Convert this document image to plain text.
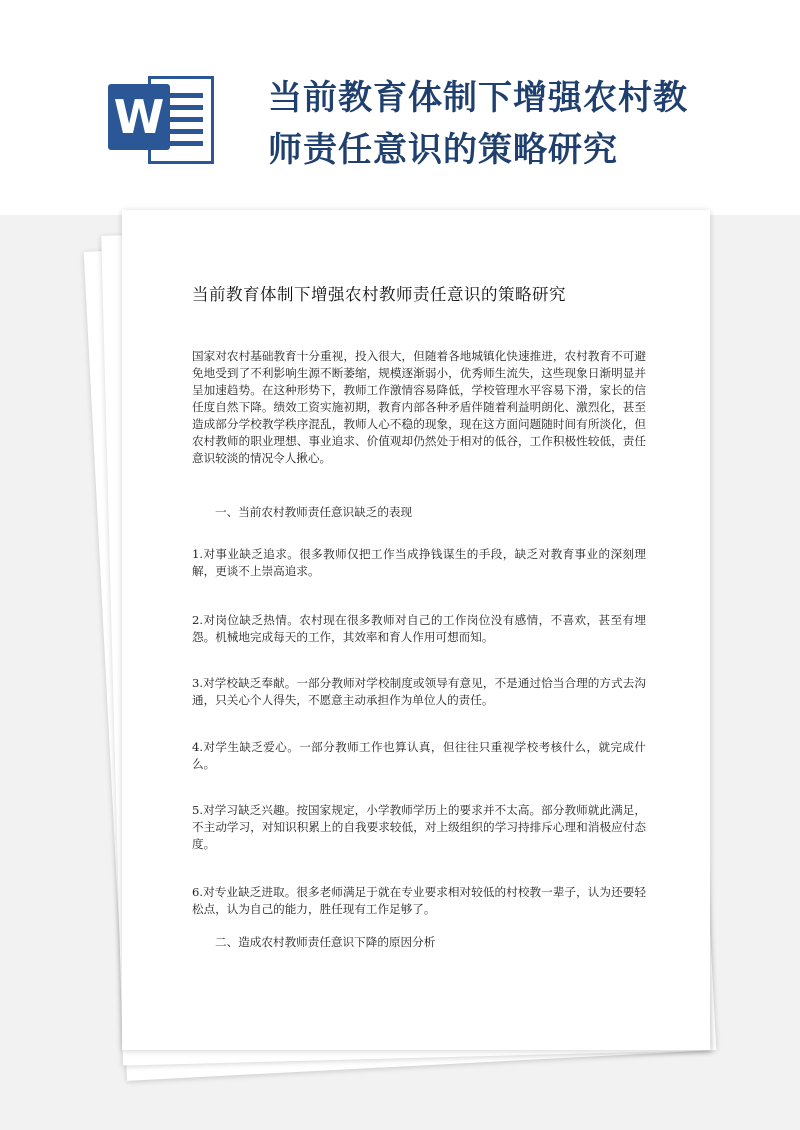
W	当前教育体制下增强农村教师责任意识的策略研究
当前教育体制下增强农村教师责任意识的策略研究
国家对农村基础教育十分重视，投入很大，但随着各地城镇化快速推进，农村教育不可避免地受到了不利影响生源不断萎缩，规模逐渐弱小，优秀师生流失，这些现象日渐明显并呈加速趋势。在这种形势下，教师工作激情容易降低，学校管理水平容易下滑，家长的信任度自然下降。绩效工资实施初期，教育内部各种矛盾伴随着利益明朗化、激烈化，甚至造成部分学校教学秩序混乱，教师人心不稳的现象，现在这方面问题随时间有所淡化，但农村教师的职业理想、事业追求、价值观却仍然处于相对的低谷，工作积极性较低，责任意识较淡的情况令人揪心。
一、当前农村教师责任意识缺乏的表现
1.对事业缺乏追求。很多教师仅把工作当成挣钱谋生的手段，缺乏对教育事业的深刻理解，更谈不上崇高追求。
2.对岗位缺乏热情。农村现在很多教师对自己的工作岗位没有感情，不喜欢，甚至有埋怨。机械地完成每天的工作，其效率和育人作用可想而知。
3.对学校缺乏奉献。一部分教师对学校制度或领导有意见，不是通过恰当合理的方式去沟通，只关心个人得失，不愿意主动承担作为单位人的责任。
4.对学生缺乏爱心。一部分教师工作也算认真，但往往只重视学校考核什么，就完成什么。
5.对学习缺乏兴趣。按国家规定，小学教师学历上的要求并不太高。部分教师就此满足，不主动学习，对知识积累上的自我要求较低，对上级组织的学习持排斥心理和消极应付态度。
6.对专业缺乏进取。很多老师满足于就在专业要求相对较低的村校教一辈子，认为还要轻松点，认为自己的能力，胜任现有工作足够了。
二、造成农村教师责任意识下降的原因分析
